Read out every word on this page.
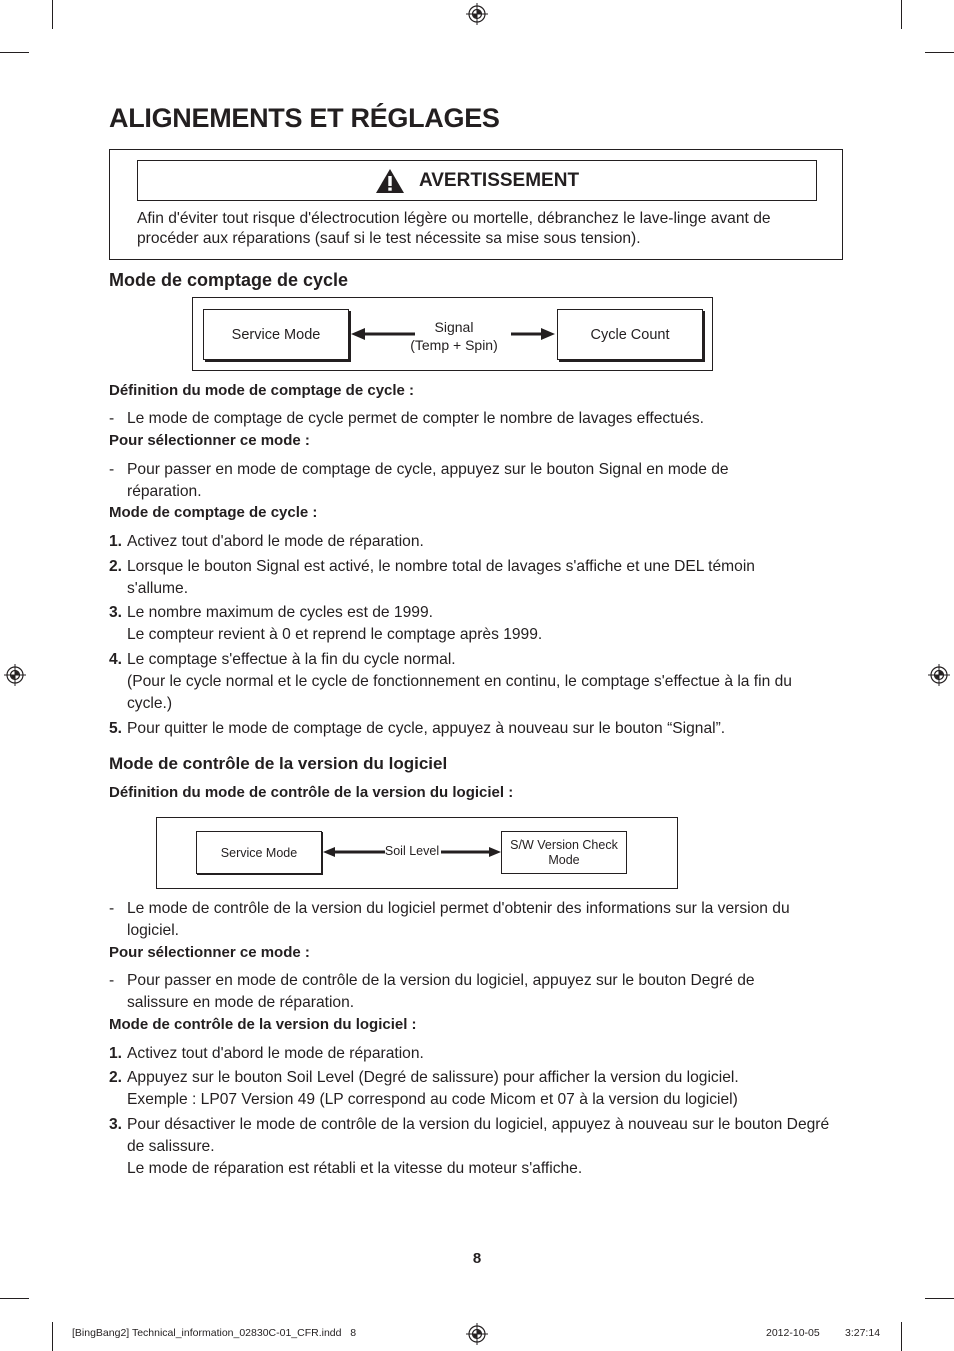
ALIGNEMENTS ET RÉGLAGES
AVERTISSEMENT
Afin d'éviter tout risque d'électrocution légère ou mortelle, débranchez le lave-linge avant de procéder aux réparations (sauf si le test nécessite sa mise sous tension).
Mode de comptage de cycle
Service Mode	Signal
(Temp + Spin)
Cycle Count
Définition du mode de comptage de cycle :
- Le mode de comptage de cycle permet de compter le nombre de lavages effectués.
Pour sélectionner ce mode :
- Pour passer en mode de comptage de cycle, appuyez sur le bouton Signal en mode de réparation.
Mode de comptage de cycle :
1. Activez tout d'abord le mode de réparation.
2. Lorsque le bouton Signal est activé, le nombre total de lavages s'affiche et une DEL témoin s'allume.
3. Le nombre maximum de cycles est de 1999.
Le compteur revient à 0 et reprend le comptage après 1999.
4. Le comptage s'effectue à la fin du cycle normal.
(Pour le cycle normal et le cycle de fonctionnement en continu, le comptage s'effectue à la fin du cycle.)
5. Pour quitter le mode de comptage de cycle, appuyez à nouveau sur le bouton “Signal”.
Mode de contrôle de la version du logiciel
Définition du mode de contrôle de la version du logiciel :
Service Mode	Soil Level	S/W Version Check
Mode
- Le mode de contrôle de la version du logiciel permet d'obtenir des informations sur la version du logiciel.
Pour sélectionner ce mode :
- Pour passer en mode de contrôle de la version du logiciel, appuyez sur le bouton Degré de salissure en mode de réparation.
Mode de contrôle de la version du logiciel :
1. Activez tout d'abord le mode de réparation.
2. Appuyez sur le bouton Soil Level (Degré de salissure) pour afficher la version du logiciel.
Exemple : LP07 Version 49 (LP correspond au code Micom et 07 à la version du logiciel)
3. Pour désactiver le mode de contrôle de la version du logiciel, appuyez à nouveau sur le bouton Degré de salissure.
Le mode de réparation est rétabli et la vitesse du moteur s'affiche.
8
[BingBang2] Technical_information_02830C-01_CFR.indd   8	2012-10-05 3:27:14
